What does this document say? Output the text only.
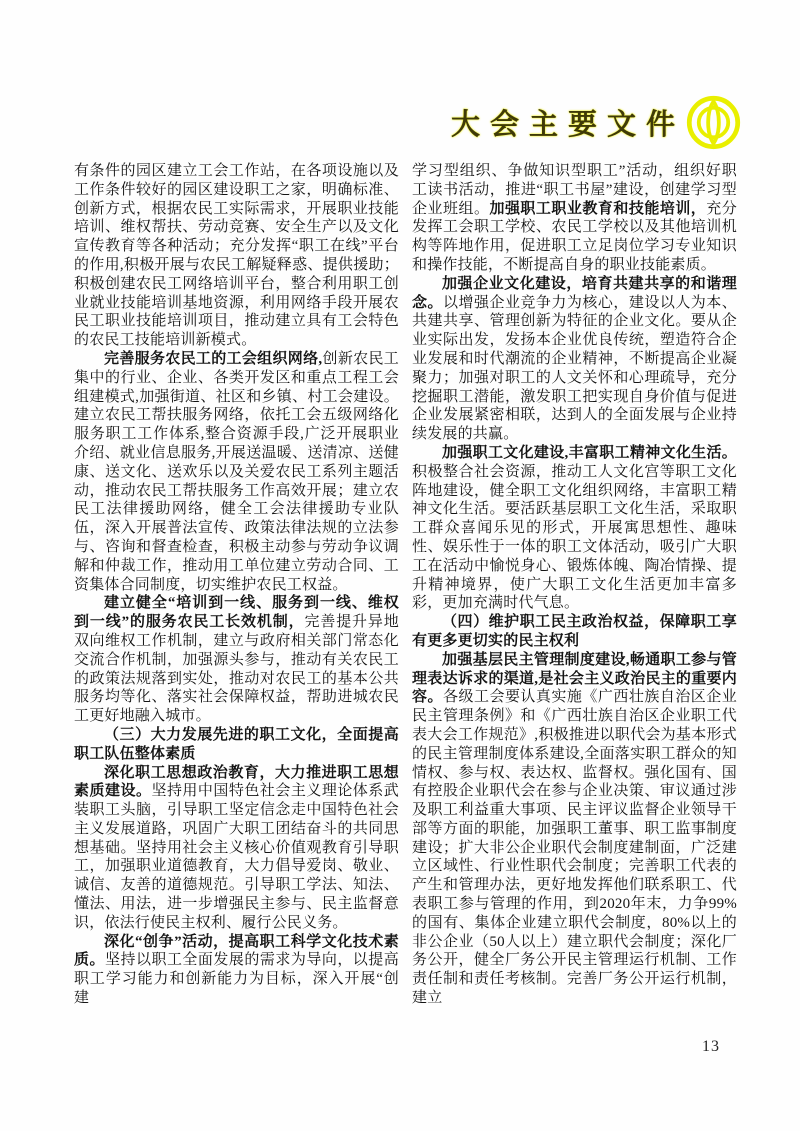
大会主要文件

有条件的园区建立工会工作站，在各项设施以及工作条件较好的园区建设职工之家，明确标准、创新方式，根据农民工实际需求，开展职业技能培训、维权帮扶、劳动竞赛、安全生产以及文化宣传教育等各种活动；充分发挥“职工在线”平台的作用,积极开展与农民工解疑释惑、提供援助；积极创建农民工网络培训平台，整合利用职工创业就业技能培训基地资源，利用网络手段开展农民工职业技能培训项目，推动建立具有工会特色的农民工技能培训新模式。

完善服务农民工的工会组织网络,创新农民工集中的行业、企业、各类开发区和重点工程工会组建模式,加强街道、社区和乡镇、村工会建设。建立农民工帮扶服务网络，依托工会五级网络化服务职工工作体系,整合资源手段,广泛开展职业介绍、就业信息服务,开展送温暖、送清凉、送健康、送文化、送欢乐以及关爱农民工系列主题活动，推动农民工帮扶服务工作高效开展；建立农民工法律援助网络，健全工会法律援助专业队伍，深入开展普法宣传、政策法律法规的立法参与、咨询和督查检查，积极主动参与劳动争议调解和仲裁工作，推动用工单位建立劳动合同、工资集体合同制度，切实维护农民工权益。

建立健全“培训到一线、服务到一线、维权到一线”的服务农民工长效机制，完善提升异地双向维权工作机制，建立与政府相关部门常态化交流合作机制，加强源头参与，推动有关农民工的政策法规落到实处，推动对农民工的基本公共服务均等化、落实社会保障权益，帮助进城农民工更好地融入城市。

（三）大力发展先进的职工文化，全面提高职工队伍整体素质

深化职工思想政治教育，大力推进职工思想素质建设。坚持用中国特色社会主义理论体系武装职工头脑，引导职工坚定信念走中国特色社会主义发展道路，巩固广大职工团结奋斗的共同思想基础。坚持用社会主义核心价值观教育引导职工，加强职业道德教育，大力倡导爱岗、敬业、诚信、友善的道德规范。引导职工学法、知法、懂法、用法，进一步增强民主参与、民主监督意识，依法行使民主权利、履行公民义务。

深化“创争”活动，提高职工科学文化技术素质。坚持以职工全面发展的需求为导向，以提高职工学习能力和创新能力为目标，深入开展“创建

学习型组织、争做知识型职工”活动，组织好职工读书活动，推进“职工书屋”建设，创建学习型企业班组。加强职工职业教育和技能培训，充分发挥工会职工学校、农民工学校以及其他培训机构等阵地作用，促进职工立足岗位学习专业知识和操作技能，不断提高自身的职业技能素质。

加强企业文化建设，培育共建共享的和谐理念。以增强企业竞争力为核心，建设以人为本、共建共享、管理创新为特征的企业文化。要从企业实际出发，发扬本企业优良传统，塑造符合企业发展和时代潮流的企业精神，不断提高企业凝聚力；加强对职工的人文关怀和心理疏导，充分挖掘职工潜能，激发职工把实现自身价值与促进企业发展紧密相联，达到人的全面发展与企业持续发展的共赢。

加强职工文化建设,丰富职工精神文化生活。积极整合社会资源，推动工人文化宫等职工文化阵地建设，健全职工文化组织网络，丰富职工精神文化生活。要活跃基层职工文化生活，采取职工群众喜闻乐见的形式，开展寓思想性、趣味性、娱乐性于一体的职工文体活动，吸引广大职工在活动中愉悦身心、锻炼体魄、陶冶情操、提升精神境界，使广大职工文化生活更加丰富多彩，更加充满时代气息。

（四）维护职工民主政治权益，保障职工享有更多更切实的民主权利

加强基层民主管理制度建设,畅通职工参与管理表达诉求的渠道,是社会主义政治民主的重要内容。各级工会要认真实施《广西壮族自治区企业民主管理条例》和《广西壮族自治区企业职工代表大会工作规范》,积极推进以职代会为基本形式的民主管理制度体系建设,全面落实职工群众的知情权、参与权、表达权、监督权。强化国有、国有控股企业职代会在参与企业决策、审议通过涉及职工利益重大事项、民主评议监督企业领导干部等方面的职能，加强职工董事、职工监事制度建设；扩大非公企业职代会制度建制面，广泛建立区域性、行业性职代会制度；完善职工代表的产生和管理办法，更好地发挥他们联系职工、代表职工参与管理的作用，到2020年末，力争99%的国有、集体企业建立职代会制度，80%以上的非公企业（50人以上）建立职代会制度；深化厂务公开，健全厂务公开民主管理运行机制、工作责任制和责任考核制。完善厂务公开运行机制，建立

13
